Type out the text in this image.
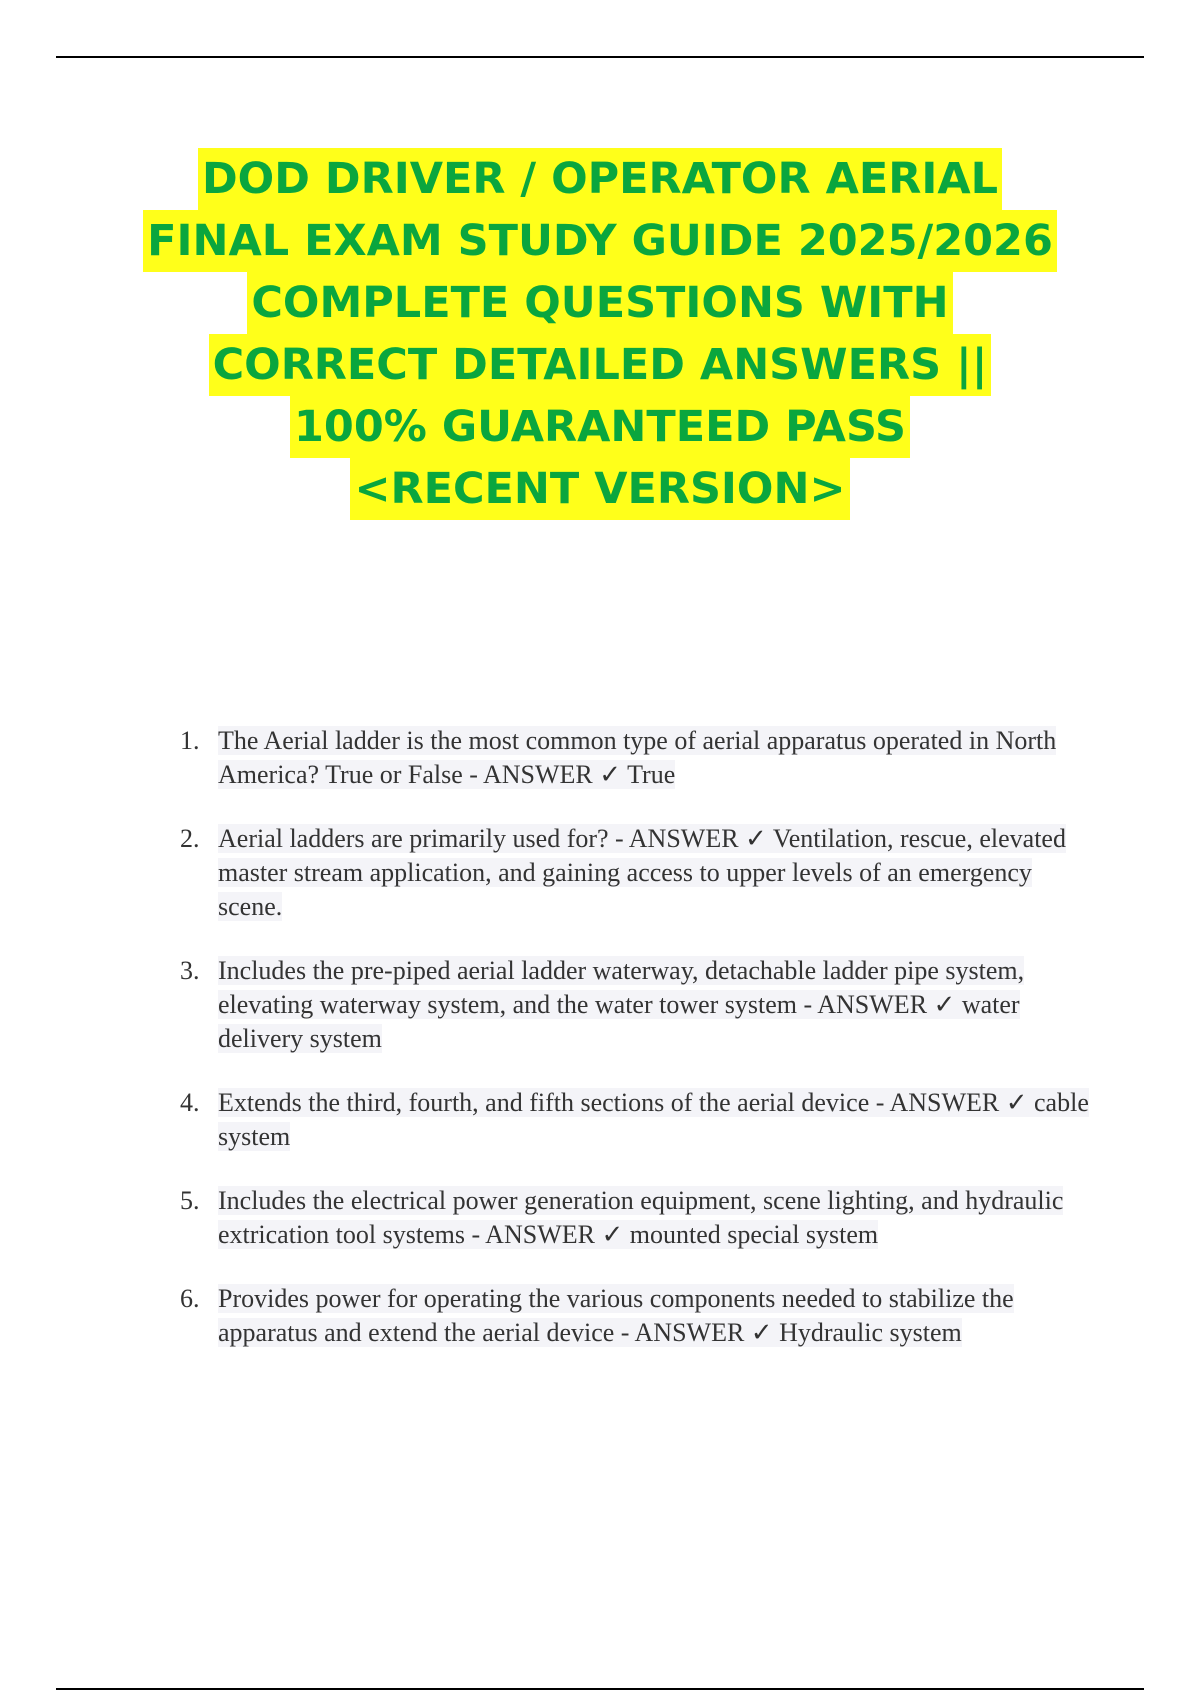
DOD DRIVER / OPERATOR AERIAL
FINAL EXAM STUDY GUIDE 2025/2026
COMPLETE QUESTIONS WITH
CORRECT DETAILED ANSWERS ||
100% GUARANTEED PASS
<RECENT VERSION>
1. The Aerial ladder is the most common type of aerial apparatus operated in North America? True or False - ANSWER ✓ True
2. Aerial ladders are primarily used for? - ANSWER ✓ Ventilation, rescue, elevated master stream application, and gaining access to upper levels of an emergency scene.
3. Includes the pre-piped aerial ladder waterway, detachable ladder pipe system, elevating waterway system, and the water tower system - ANSWER ✓ water delivery system
4. Extends the third, fourth, and fifth sections of the aerial device - ANSWER ✓ cable system
5. Includes the electrical power generation equipment, scene lighting, and hydraulic extrication tool systems - ANSWER ✓ mounted special system
6. Provides power for operating the various components needed to stabilize the apparatus and extend the aerial device - ANSWER ✓ Hydraulic system
